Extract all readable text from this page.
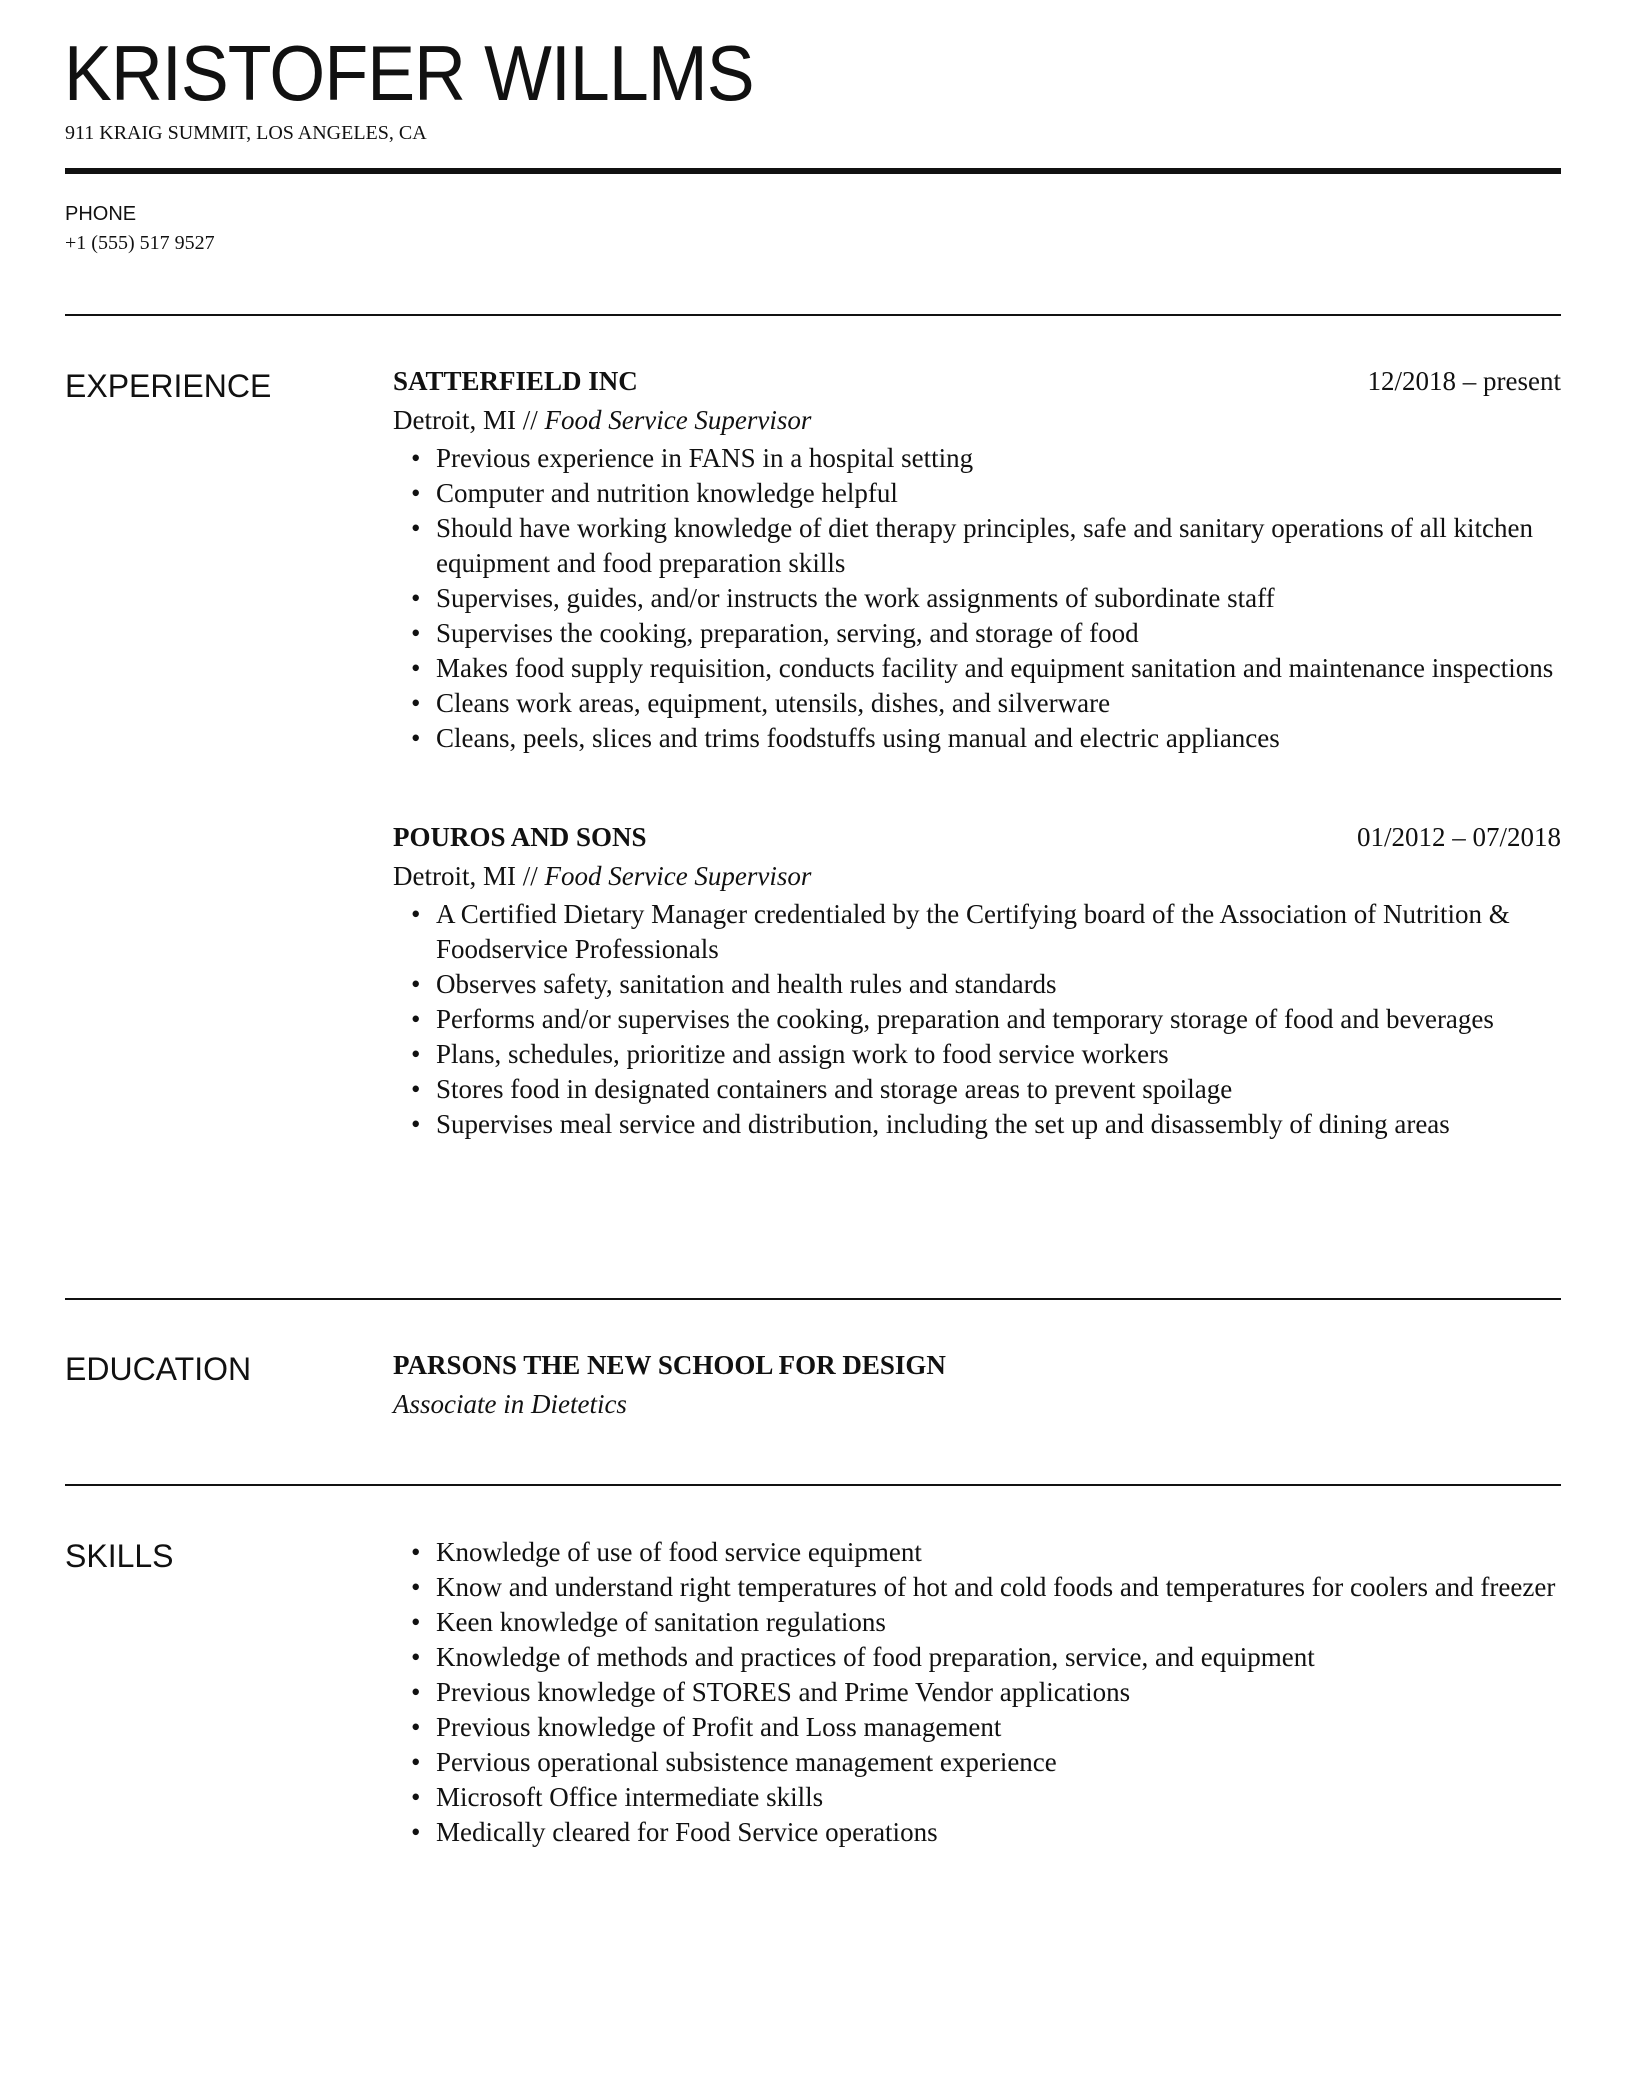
KRISTOFER WILLMS
911 KRAIG SUMMIT, LOS ANGELES, CA
PHONE
+1 (555) 517 9527
EXPERIENCE	SATTERFIELD INC	12/2018 – present
Detroit, MI // Food Service Supervisor
• Previous experience in FANS in a hospital setting
• Computer and nutrition knowledge helpful
• Should have working knowledge of diet therapy principles, safe and sanitary operations of all kitchen equipment and food preparation skills
• Supervises, guides, and/or instructs the work assignments of subordinate staff
• Supervises the cooking, preparation, serving, and storage of food
• Makes food supply requisition, conducts facility and equipment sanitation and maintenance inspections
• Cleans work areas, equipment, utensils, dishes, and silverware
• Cleans, peels, slices and trims foodstuffs using manual and electric appliances
POUROS AND SONS	01/2012 – 07/2018
Detroit, MI // Food Service Supervisor
• A Certified Dietary Manager credentialed by the Certifying board of the Association of Nutrition & Foodservice Professionals
• Observes safety, sanitation and health rules and standards
• Performs and/or supervises the cooking, preparation and temporary storage of food and beverages
• Plans, schedules, prioritize and assign work to food service workers
• Stores food in designated containers and storage areas to prevent spoilage
• Supervises meal service and distribution, including the set up and disassembly of dining areas
EDUCATION	PARSONS THE NEW SCHOOL FOR DESIGN
Associate in Dietetics
SKILLS	• Knowledge of use of food service equipment
• Know and understand right temperatures of hot and cold foods and temperatures for coolers and freezer
• Keen knowledge of sanitation regulations
• Knowledge of methods and practices of food preparation, service, and equipment
• Previous knowledge of STORES and Prime Vendor applications
• Previous knowledge of Profit and Loss management
• Pervious operational subsistence management experience
• Microsoft Office intermediate skills
• Medically cleared for Food Service operations
